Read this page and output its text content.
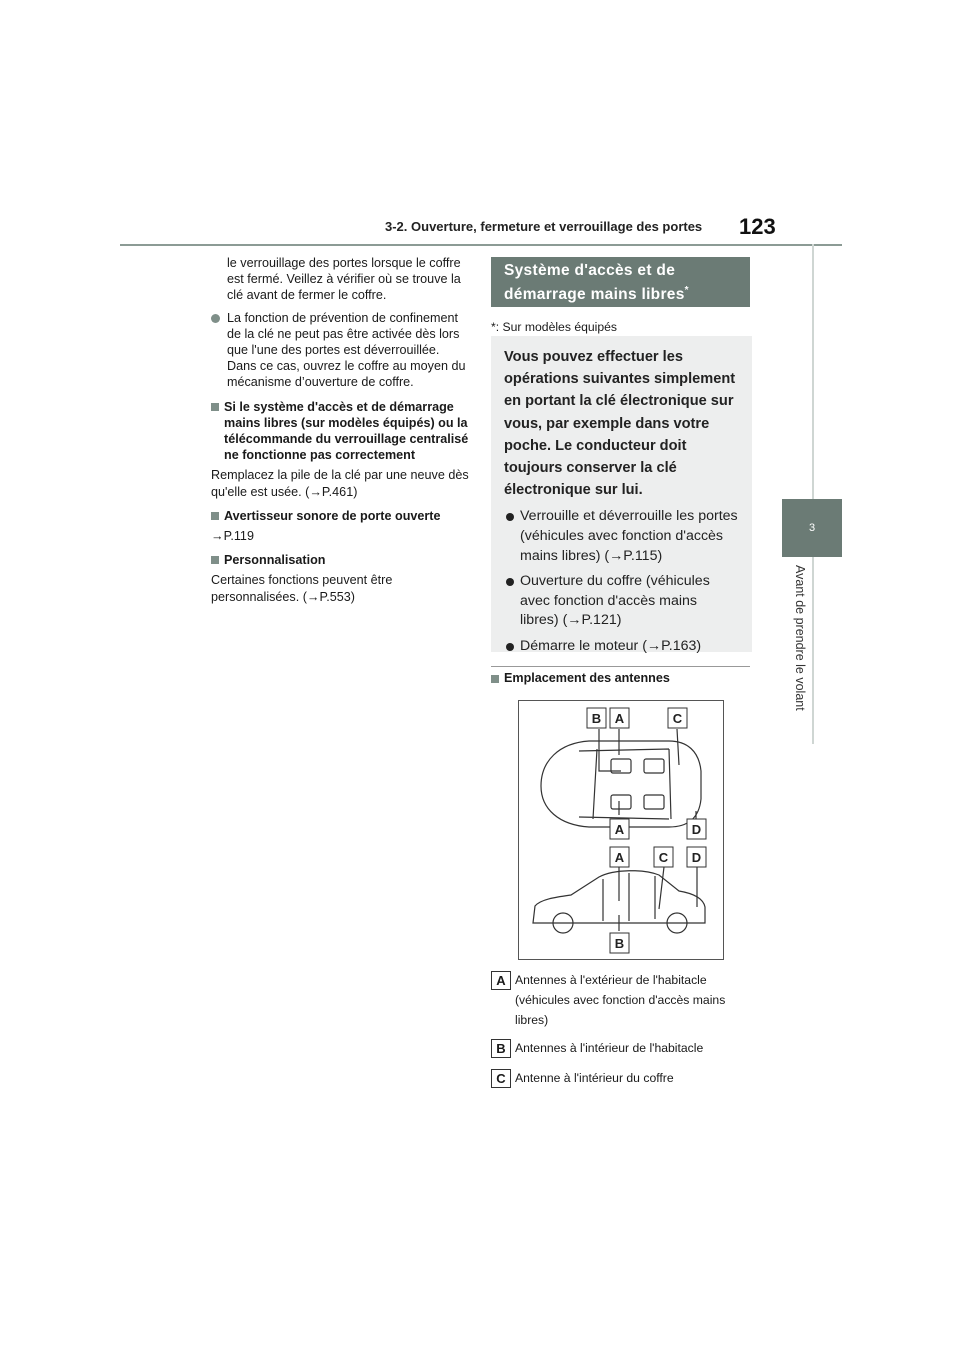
3-2. Ouverture, fermeture et verrouillage des portes 123
3
Avant de prendre le volant

le verrouillage des portes lorsque le coffre est fermé. Veillez à vérifier où se trouve la clé avant de fermer le coffre.

La fonction de prévention de confinement de la clé ne peut pas être activée dès lors que l'une des portes est déverrouillée. Dans ce cas, ouvrez le coffre au moyen du mécanisme d’ouverture de coffre.
Si le système d'accès et de démarrage mains libres (sur modèles équipés) ou la télécommande du verrouillage centralisé ne fonctionne pas correctement

Remplacez la pile de la clé par une neuve dès qu'elle est usée. (→P.461)

Avertisseur sonore de porte ouverte

→P.119

Personnalisation

Certaines fonctions peuvent être personnalisées. (→P.553)

Système d'accès et de
démarrage mains libres*
*: Sur modèles équipés

Vous pouvez effectuer les opérations suivantes simplement en portant la clé électronique sur vous, par exemple dans votre poche. Le conducteur doit toujours conserver la clé électronique sur lui.

Verrouille et déverrouille les portes (véhicules avec fonction d'accès mains libres) (→P.115)
Ouverture du coffre (véhicules avec fonction d'accès mains libres) (→P.121)
Démarre le moteur (→P.163)
Emplacement des antennes
B A	C
A	D
A	C D
B
A Antennes à l'extérieur de l'habitacle (véhicules avec fonction d'accès mains libres)
B Antennes à l'intérieur de l'habitacle
C Antenne à l'intérieur du coffre
